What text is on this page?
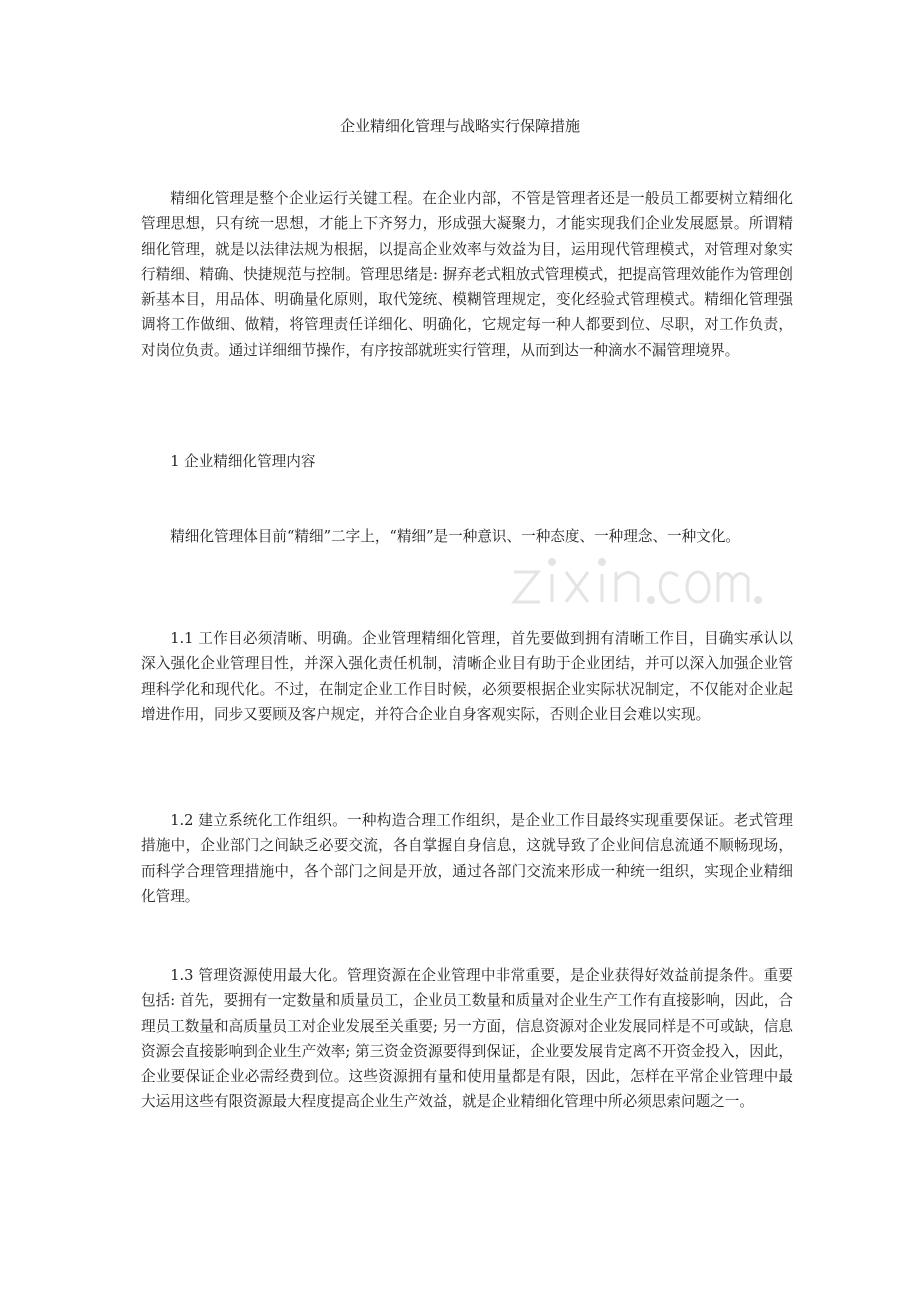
企业精细化管理与战略实行保障措施

精细化管理是整个企业运行关键工程。在企业内部，不管是管理者还是一般员工都要树立精细化管理思想，只有统一思想，才能上下齐努力，形成强大凝聚力，才能实现我们企业发展愿景。所谓精细化管理，就是以法律法规为根据，以提高企业效率与效益为目，运用现代管理模式，对管理对象实行精细、精确、快捷规范与控制。管理思绪是: 摒弃老式粗放式管理模式，把提高管理效能作为管理创新基本目，用品体、明确量化原则，取代笼统、模糊管理规定，变化经验式管理模式。精细化管理强调将工作做细、做精，将管理责任详细化、明确化，它规定每一种人都要到位、尽职，对工作负责，对岗位负责。通过详细细节操作，有序按部就班实行管理，从而到达一种滴水不漏管理境界。

1 企业精细化管理内容

精细化管理体目前“精细”二字上，“精细”是一种意识、一种态度、一种理念、一种文化。

1.1 工作目必须清晰、明确。企业管理精细化管理，首先要做到拥有清晰工作目，目确实承认以深入强化企业管理目性，并深入强化责任机制，清晰企业目有助于企业团结，并可以深入加强企业管理科学化和现代化。不过，在制定企业工作目时候，必须要根据企业实际状况制定，不仅能对企业起增进作用，同步又要顾及客户规定，并符合企业自身客观实际，否则企业目会难以实现。

1.2 建立系统化工作组织。一种构造合理工作组织，是企业工作目最终实现重要保证。老式管理措施中，企业部门之间缺乏必要交流，各自掌握自身信息，这就导致了企业间信息流通不顺畅现场，而科学合理管理措施中，各个部门之间是开放，通过各部门交流来形成一种统一组织，实现企业精细化管理。

1.3 管理资源使用最大化。管理资源在企业管理中非常重要，是企业获得好效益前提条件。重要包括: 首先，要拥有一定数量和质量员工，企业员工数量和质量对企业生产工作有直接影响，因此，合理员工数量和高质量员工对企业发展至关重要; 另一方面，信息资源对企业发展同样是不可或缺，信息资源会直接影响到企业生产效率; 第三资金资源要得到保证，企业要发展肯定离不开资金投入，因此，企业要保证企业必需经费到位。这些资源拥有量和使用量都是有限，因此，怎样在平常企业管理中最大运用这些有限资源最大程度提高企业生产效益，就是企业精细化管理中所必须思索问题之一。
